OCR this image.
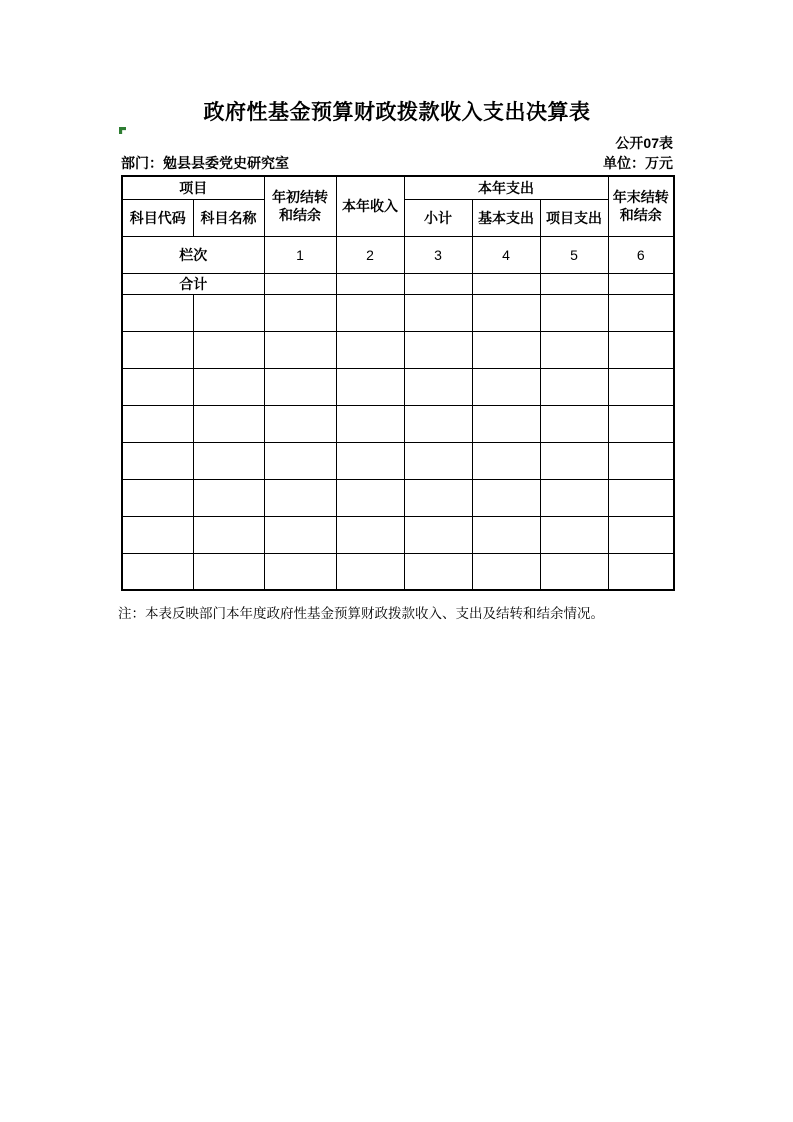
政府性基金预算财政拨款收入支出决算表
公开07表
部门：勉县县委党史研究室	单位：万元
项目		年初结转和结余	本年收入	本年支出			年末结转和结余
科目代码	科目名称			小计	基本支出	项目支出	
栏次		1	2	3	4	5	6
合计							

注：本表反映部门本年度政府性基金预算财政拨款收入、支出及结转和结余情况。
